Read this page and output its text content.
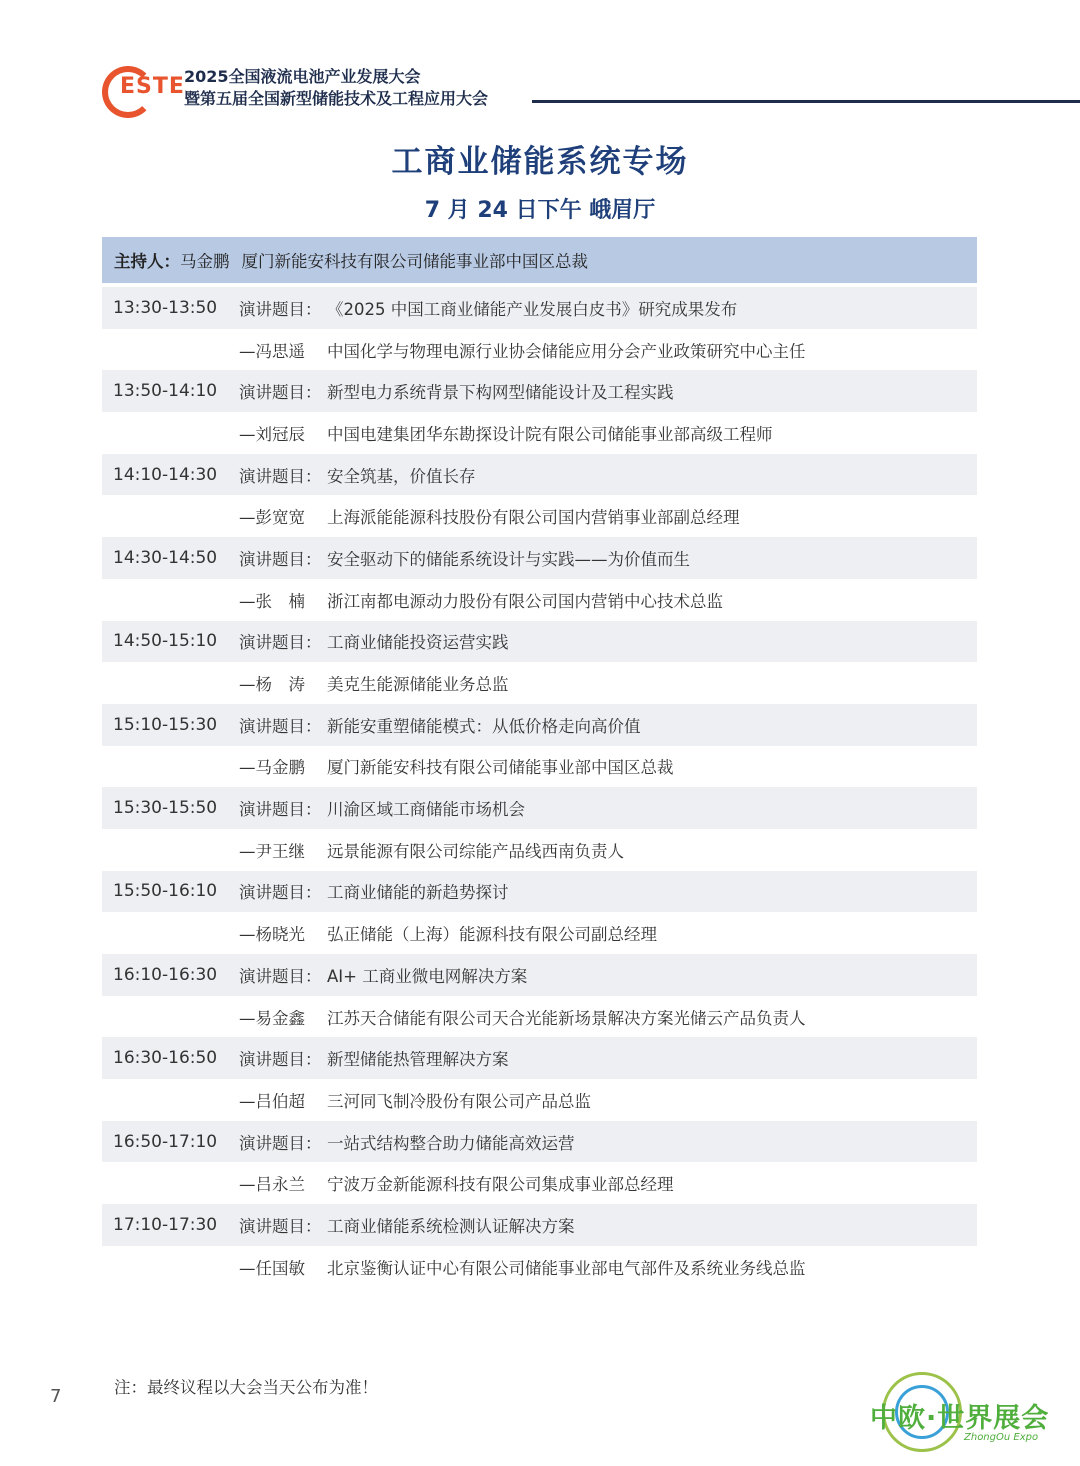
ESTE 2025全国液流电池产业发展大会
暨第五届全国新型储能技术及工程应用大会
工商业储能系统专场
7 月 24 日下午 峨眉厅
主持人： 马金鹏 厦门新能安科技有限公司储能事业部中国区总裁
13:30-13:50	演讲题目： 《2025 中国工商业储能产业发展白皮书》研究成果发布
—冯思遥	中国化学与物理电源行业协会储能应用分会产业政策研究中心主任
13:50-14:10	演讲题目： 新型电力系统背景下构网型储能设计及工程实践
—刘冠辰	中国电建集团华东勘探设计院有限公司储能事业部高级工程师
14:10-14:30	演讲题目： 安全筑基，价值长存
—彭宽宽	上海派能能源科技股份有限公司国内营销事业部副总经理
14:30-14:50	演讲题目： 安全驱动下的储能系统设计与实践——为价值而生
—张　楠	浙江南都电源动力股份有限公司国内营销中心技术总监
14:50-15:10	演讲题目： 工商业储能投资运营实践
—杨　涛	美克生能源储能业务总监
15:10-15:30	演讲题目： 新能安重塑储能模式：从低价格走向高价值
—马金鹏	厦门新能安科技有限公司储能事业部中国区总裁
15:30-15:50	演讲题目： 川渝区域工商储能市场机会
—尹王继	远景能源有限公司综能产品线西南负责人
15:50-16:10	演讲题目： 工商业储能的新趋势探讨
—杨晓光	弘正储能（上海）能源科技有限公司副总经理
16:10-16:30	演讲题目： AI+ 工商业微电网解决方案
—易金鑫	江苏天合储能有限公司天合光能新场景解决方案光储云产品负责人
16:30-16:50	演讲题目： 新型储能热管理解决方案
—吕伯超	三河同飞制冷股份有限公司产品总监
16:50-17:10	演讲题目： 一站式结构整合助力储能高效运营
—吕永兰	宁波万金新能源科技有限公司集成事业部总经理
17:10-17:30	演讲题目： 工商业储能系统检测认证解决方案
—任国敏	北京鉴衡认证中心有限公司储能事业部电气部件及系统业务线总监
7	注：最终议程以大会当天公布为准！
中欧·世界展会
ZhongOu Expo
